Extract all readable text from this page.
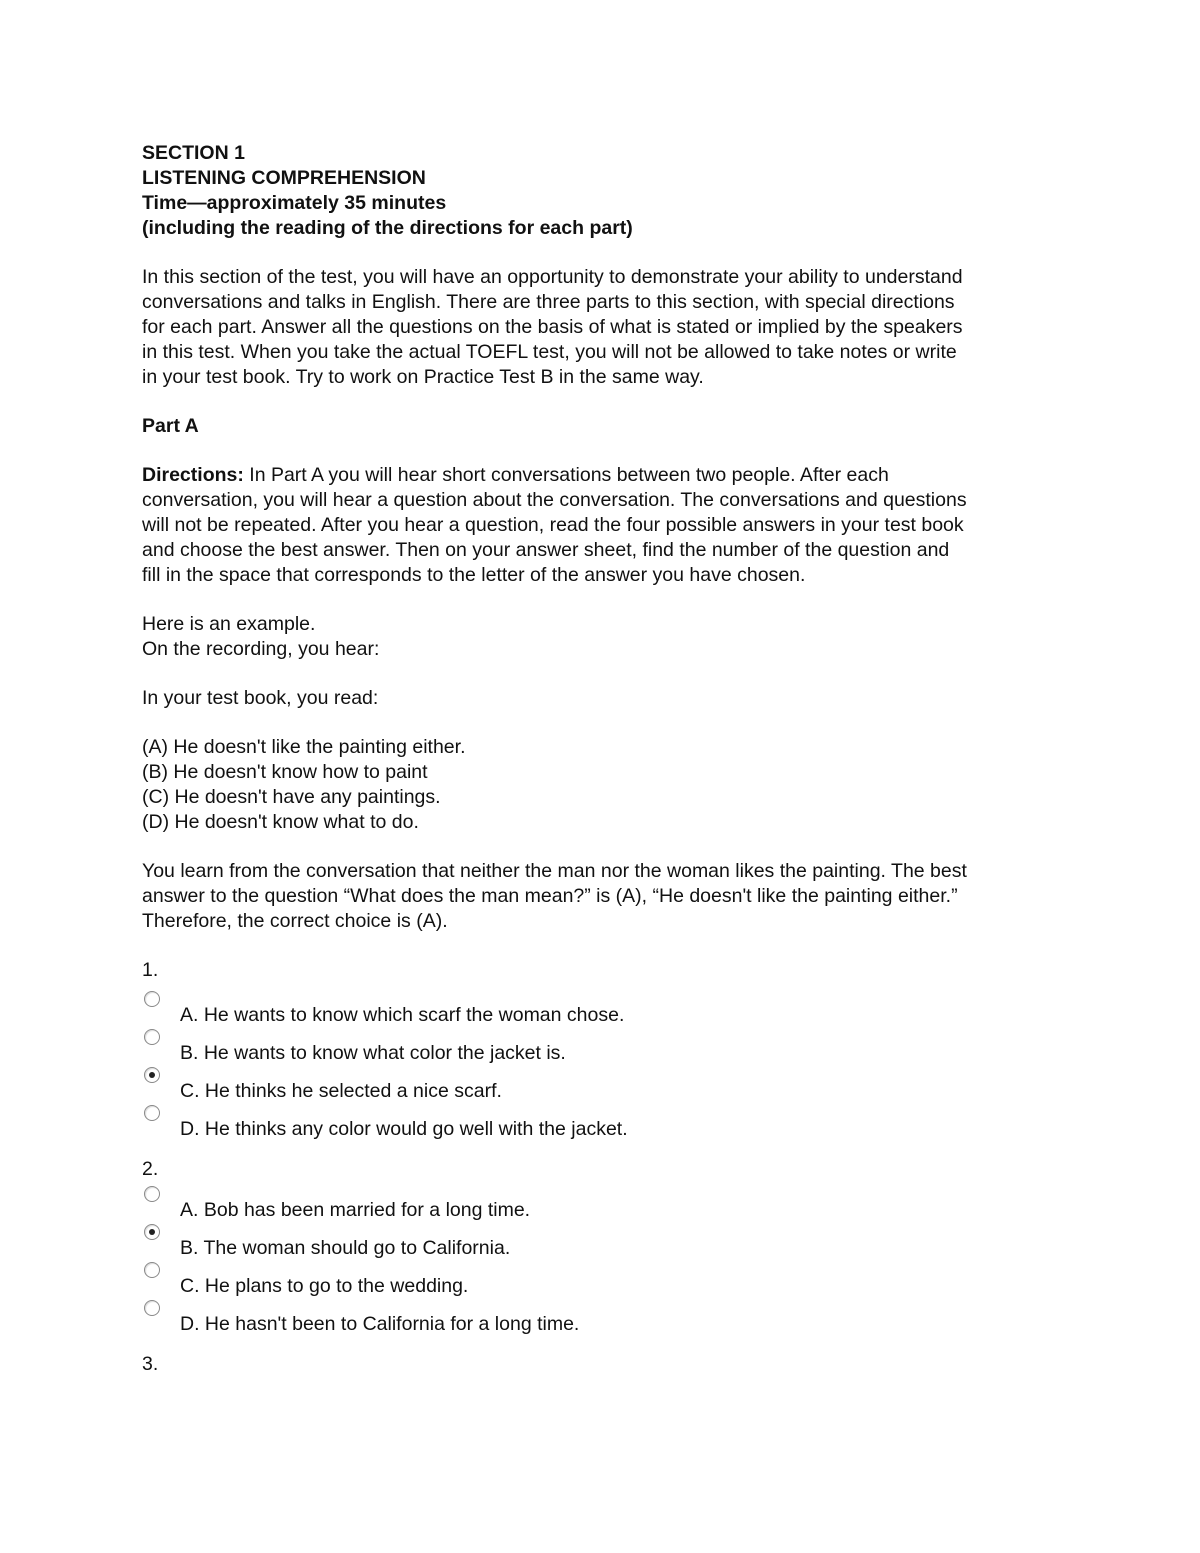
SECTION 1

LISTENING COMPREHENSION

Time—approximately 35 minutes

(including the reading of the directions for each part)

In this section of the test, you will have an opportunity to demonstrate your ability to understand

conversations and talks in English. There are three parts to this section, with special directions

for each part. Answer all the questions on the basis of what is stated or implied by the speakers

in this test. When you take the actual TOEFL test, you will not be allowed to take notes or write

in your test book. Try to work on Practice Test B in the same way.

Part A

Directions: In Part A you will hear short conversations between two people. After each

conversation, you will hear a question about the conversation. The conversations and questions

will not be repeated. After you hear a question, read the four possible answers in your test book

and choose the best answer. Then on your answer sheet, find the number of the question and

fill in the space that corresponds to the letter of the answer you have chosen.

Here is an example.

On the recording, you hear:

In your test book, you read:

(A) He doesn't like the painting either.
(B) He doesn't know how to paint
(C) He doesn't have any paintings.
(D) He doesn't know what to do.

You learn from the conversation that neither the man nor the woman likes the painting. The best

answer to the question “What does the man mean?” is (A), “He doesn't like the painting either.”

Therefore, the correct choice is (A).

1.

A. He wants to know which scarf the woman chose.
B. He wants to know what color the jacket is.
C. He thinks he selected a nice scarf.
D. He thinks any color would go well with the jacket.

2.

A. Bob has been married for a long time.
B. The woman should go to California.
C. He plans to go to the wedding.
D. He hasn't been to California for a long time.

3.
